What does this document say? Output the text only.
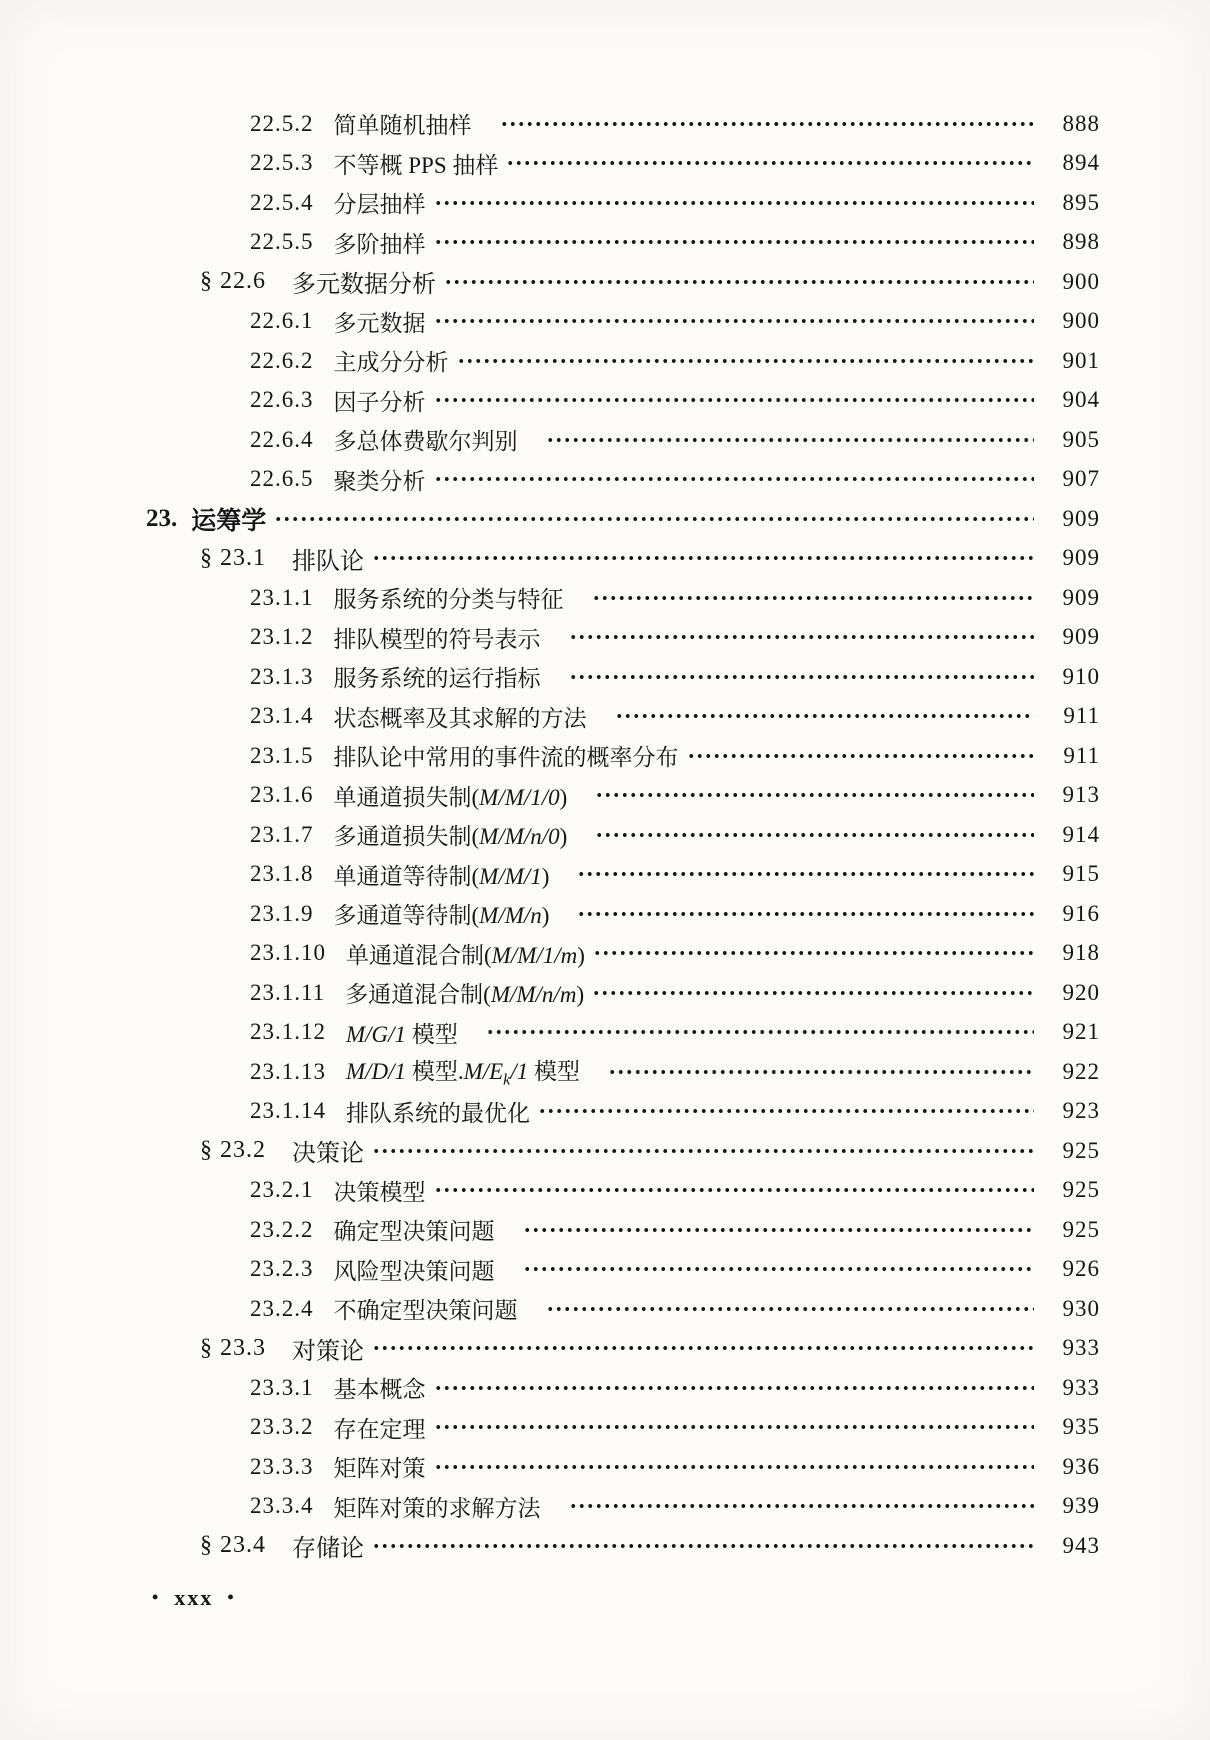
22.5.2 简单随机抽样	888
22.5.3 不等概 PPS 抽样	894
22.5.4 分层抽样	895
22.5.5 多阶抽样	898
§ 22.6 多元数据分析	900
22.6.1 多元数据	900
22.6.2 主成分分析	901
22.6.3 因子分析	904
22.6.4 多总体费歇尔判别	905
22.6.5 聚类分析	907
23. 运筹学	909
§ 23.1 排队论	909
23.1.1 服务系统的分类与特征	909
23.1.2 排队模型的符号表示	909
23.1.3 服务系统的运行指标	910
23.1.4 状态概率及其求解的方法	911
23.1.5 排队论中常用的事件流的概率分布	911
23.1.6 单通道损失制(M/M/1/0)	913
23.1.7 多通道损失制(M/M/n/0)	914
23.1.8 单通道等待制(M/M/1)	915
23.1.9 多通道等待制(M/M/n)	916
23.1.10 单通道混合制(M/M/1/m)	918
23.1.11 多通道混合制(M/M/n/m)	920
23.1.12 M/G/1 模型	921
23.1.13 M/D/1 模型$.M/E_k/1$ 模型	922
23.1.14 排队系统的最优化	923
§ 23.2 决策论	925
23.2.1 决策模型	925
23.2.2 确定型决策问题	925
23.2.3 风险型决策问题	926
23.2.4 不确定型决策问题	930
§ 23.3 对策论	933
23.3.1 基本概念	933
23.3.2 存在定理	935
23.3.3 矩阵对策	936
23.3.4 矩阵对策的求解方法	939
§ 23.4 存储论	943
• xxx •
